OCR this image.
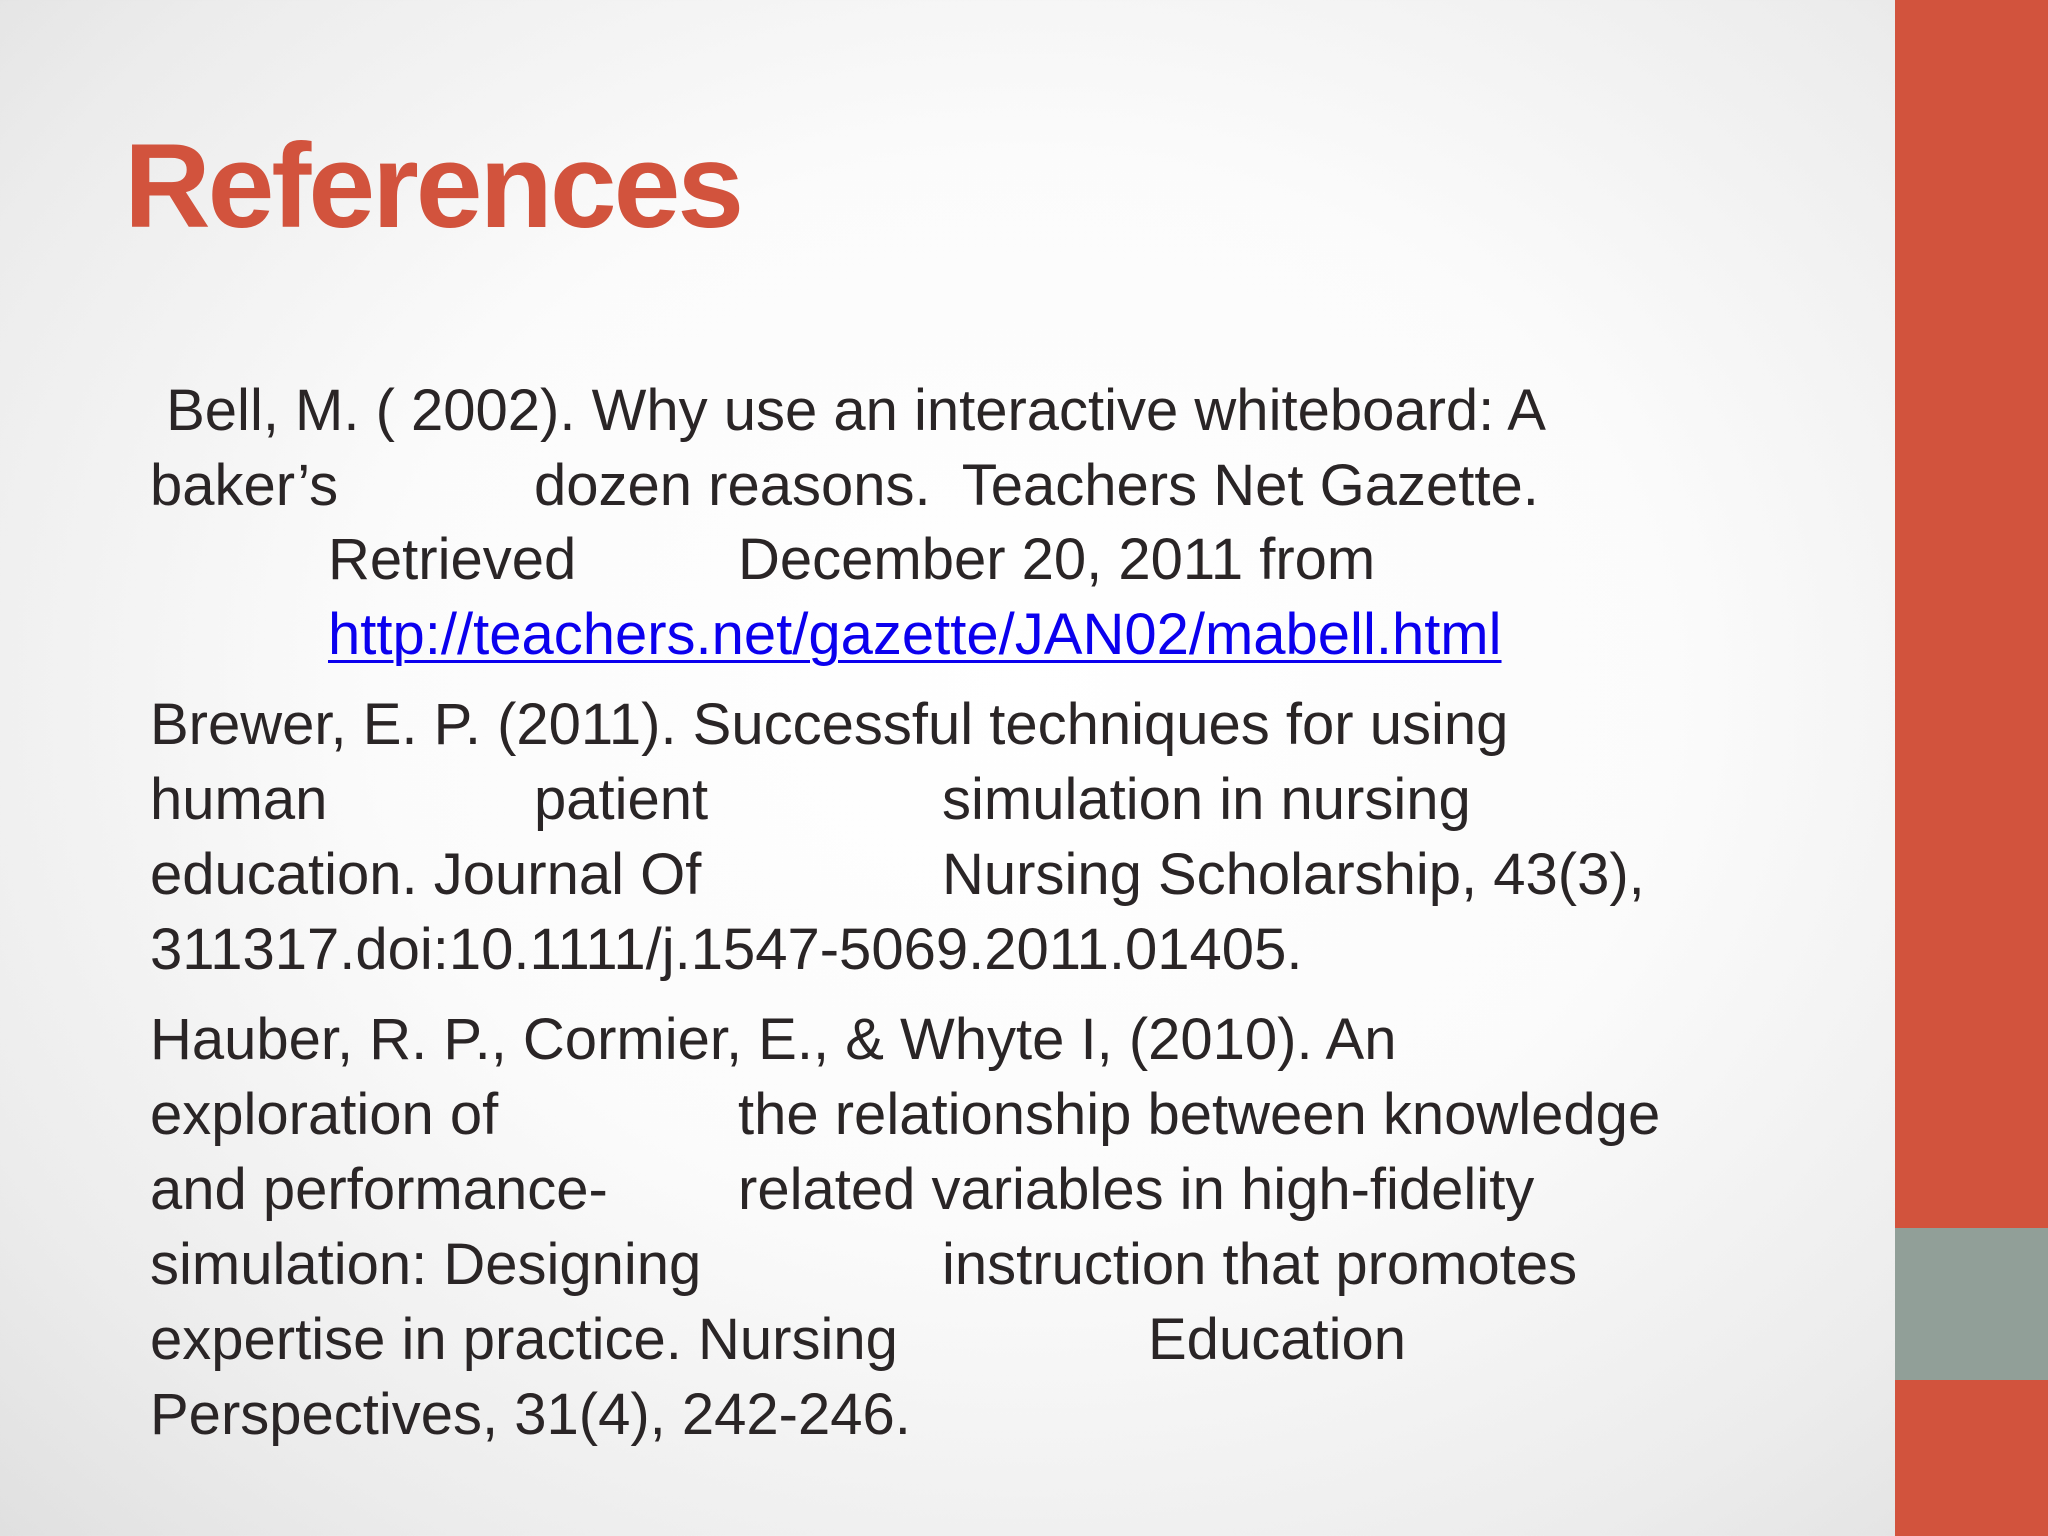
References

Bell, M. ( 2002). Why use an interactive whiteboard: A

baker’s

	dozen reasons.  Teachers Net Gazette.

Retrieved

	December 20, 2011 from

http://teachers.net/gazette/JAN02/mabell.html

Brewer, E. P. (2011). Successful techniques for using

human

	patient

	simulation in nursing

education. Journal Of

	Nursing Scholarship, 43(3),

311317.doi:10.1111/j.1547-5069.2011.01405.

Hauber, R. P., Cormier, E., & Whyte I, (2010). An

exploration of

	the relationship between knowledge

and performance-

related variables in high-fidelity

simulation: Designing

	instruction that promotes

expertise in practice. Nursing

	Education

Perspectives, 31(4), 242-246.
